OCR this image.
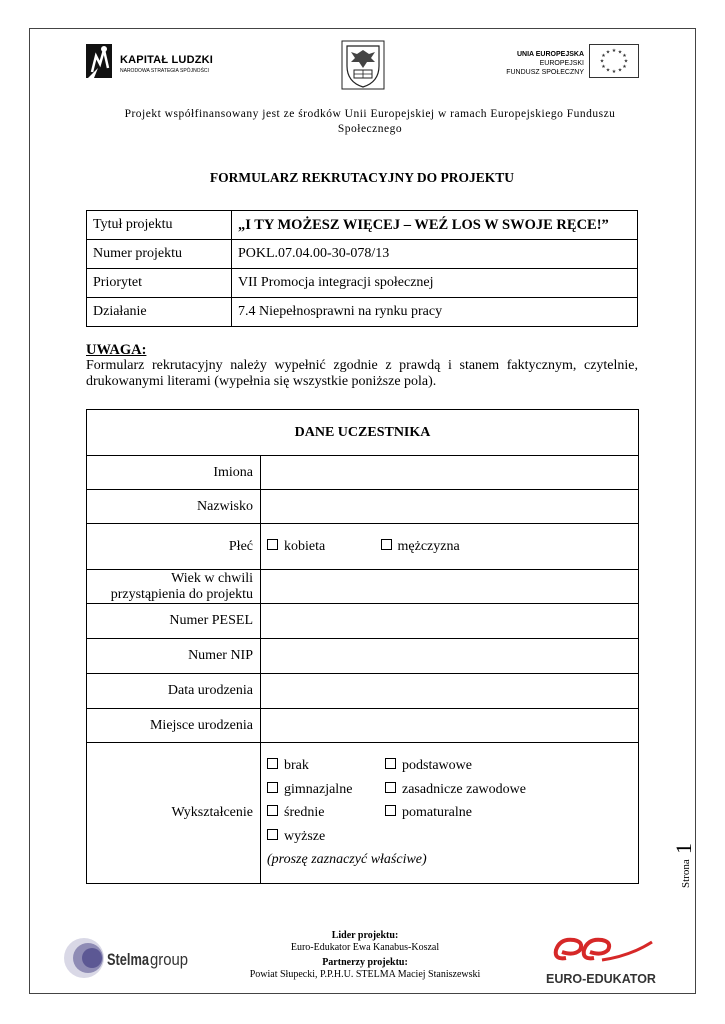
KAPITAŁ LUDZKI
NARODOWA STRATEGIA SPÓJNOŚCI
UNIA EUROPEJSKA
EUROPEJSKI
FUNDUSZ SPOŁECZNY
★ ★
★
★
★
★
★
★
★
★
★
★
Projekt współfinansowany jest ze środków Unii Europejskiej w ramach Europejskiego Funduszu Społecznego
FORMULARZ REKRUTACYJNY DO PROJEKTU
Tytuł projektu	„I TY MOŻESZ WIĘCEJ – WEŹ LOS W SWOJE RĘCE!”
Numer projektu	POKL.07.04.00-30-078/13
Priorytet	VII Promocja integracji społecznej
Działanie	7.4 Niepełnosprawni na rynku pracy
UWAGA:
Formularz rekrutacyjny należy wypełnić zgodnie z prawdą i stanem faktycznym, czytelnie, drukowanymi literami (wypełnia się wszystkie poniższe pola).
DANE UCZESTNIKA	
Imiona	
Nazwisko	
Płeć	kobieta mężczyzna
Wiek w chwili
przystąpienia do projektu	
Numer PESEL	
Numer NIP	
Data urodzenia	
Miejsce urodzenia	
Wykształcenie	brak podstawowe
gimnazjalne zasadnicze zawodowe
średnie pomaturalne
wyższe
(proszę zaznaczyć właściwe)	Strona
1
Stelma group
Lider projektu:
Euro-Edukator Ewa Kanabus-Koszal
Partnerzy projektu:
Powiat Słupecki, P.P.H.U. STELMA Maciej Staniszewski	EURO-EDUKATOR
